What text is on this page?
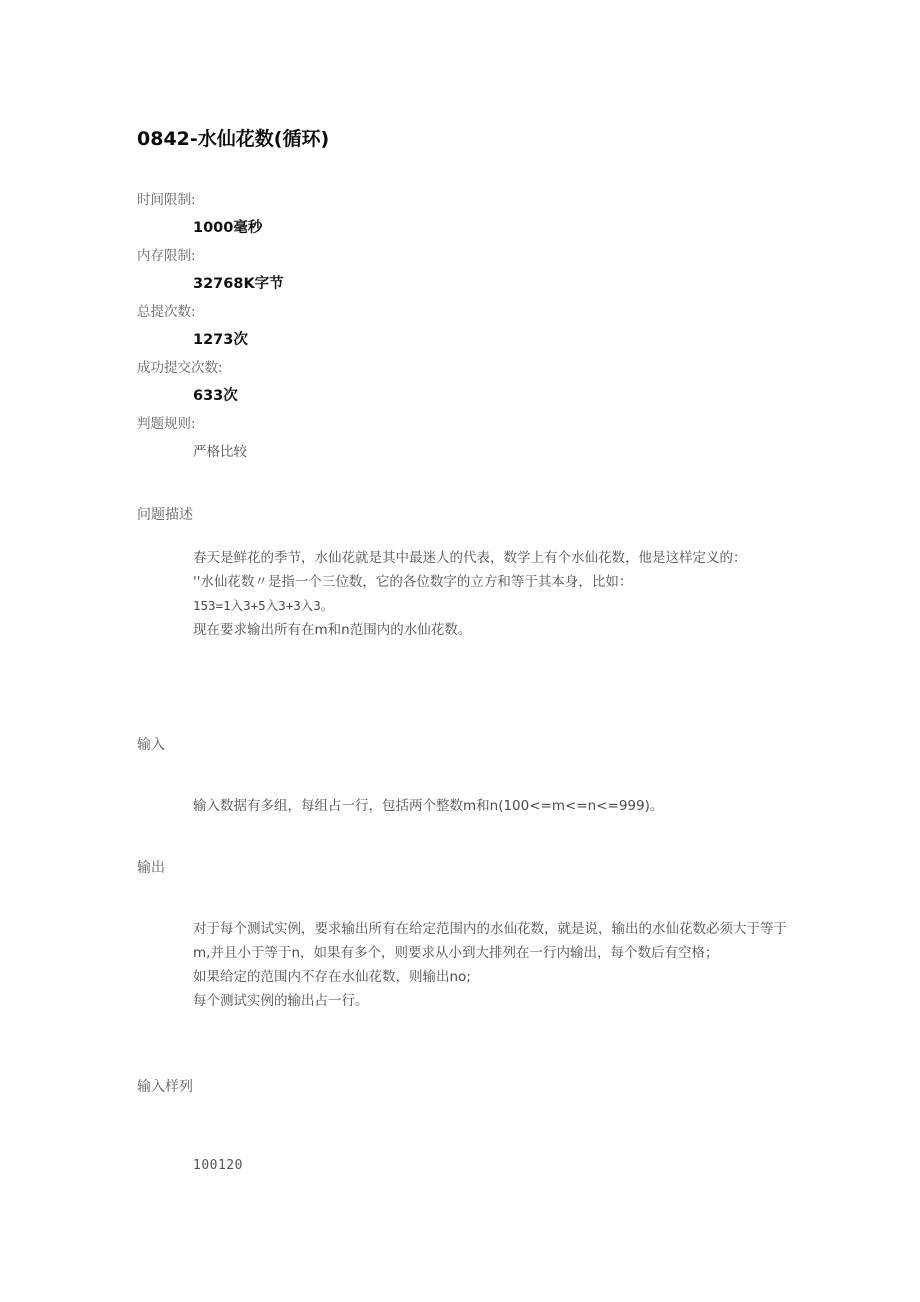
0842-水仙花数(循环)
时间限制:
1000毫秒
内存限制:
32768K字节
总提次数:
1273次
成功提交次数:
633次
判题规则:
严格比较
问题描述

春天是鲜花的季节，水仙花就是其中最迷人的代表，数学上有个水仙花数，他是这样定义的：

''水仙花数〃是指一个三位数，它的各位数字的立方和等于其本身，比如：

153=1入3+5入3+3入3。

现在要求输出所有在m和n范围内的水仙花数。

输入

输入数据有多组，每组占一行，包括两个整数m和n(100<=m<=n<=999)。

输出

对于每个测试实例，要求输出所有在给定范围内的水仙花数，就是说，输出的水仙花数必须大于等于m,并且小于等于n，如果有多个，则要求从小到大排列在一行内输出，每个数后有空格；

如果给定的范围内不存在水仙花数，则输出no;

每个测试实例的输出占一行。

输入样列
100120
